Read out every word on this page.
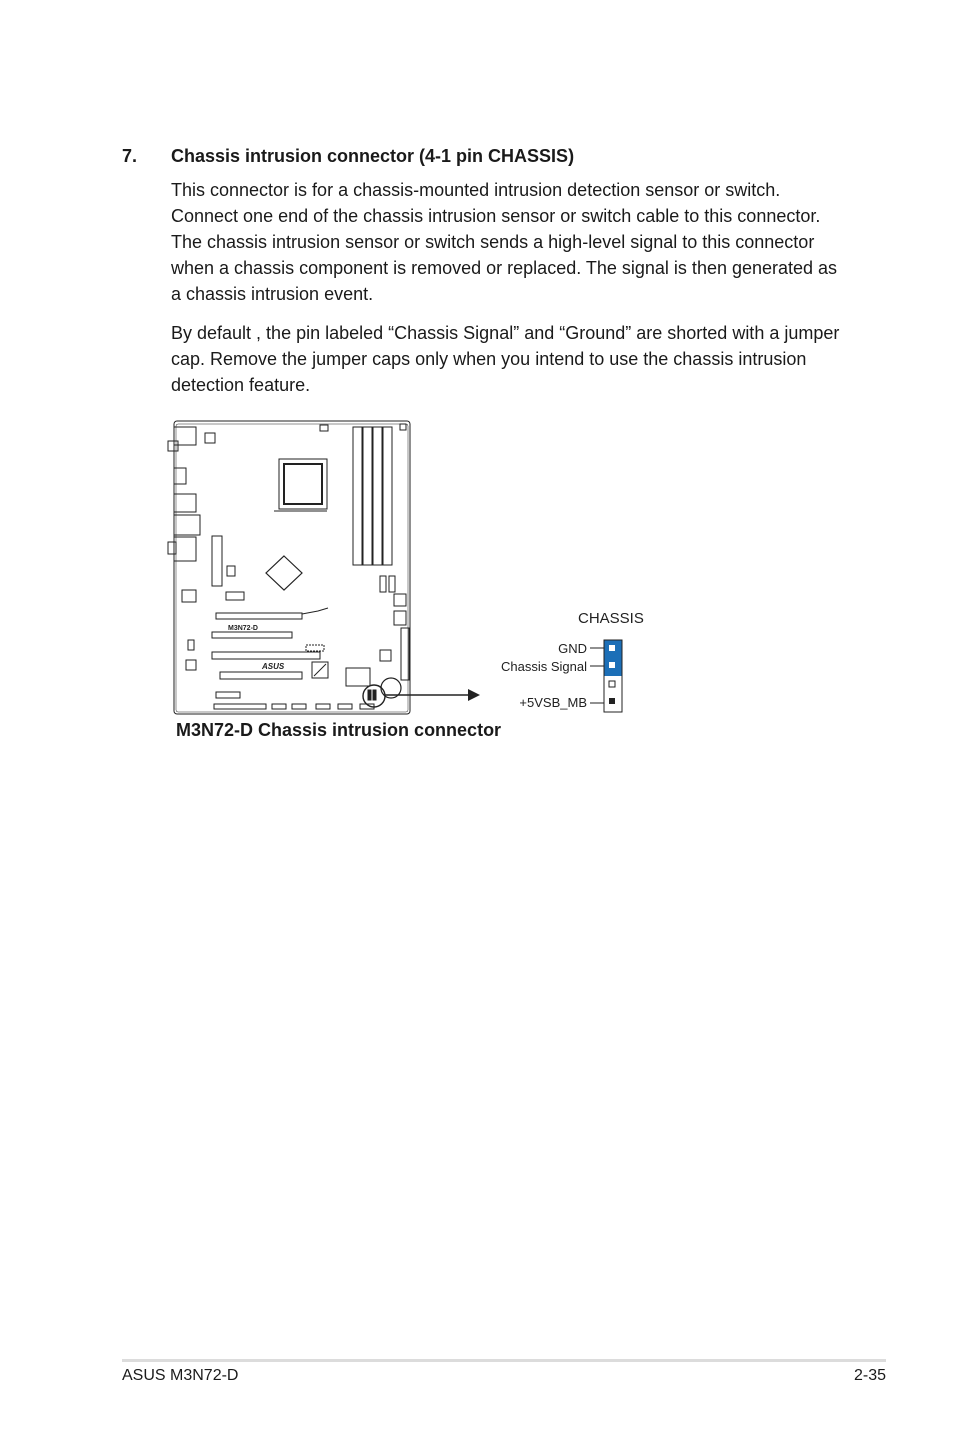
7. Chassis intrusion connector (4-1 pin CHASSIS)

This connector is for a chassis-mounted intrusion detection sensor or switch. Connect one end of the chassis intrusion sensor or switch cable to this connector. The chassis intrusion sensor or switch sends a high-level signal to this connector when a chassis component is removed or replaced. The signal is then generated as a chassis intrusion event.

By default , the pin labeled “Chassis Signal” and “Ground” are shorted with a jumper cap. Remove the jumper caps only when you intend to use the chassis intrusion detection feature.

M3N72-D
ASUS
CHASSIS
GND
Chassis Signal
+5VSB_MB
M3N72-D Chassis intrusion connector
ASUS M3N72-D	2-35
